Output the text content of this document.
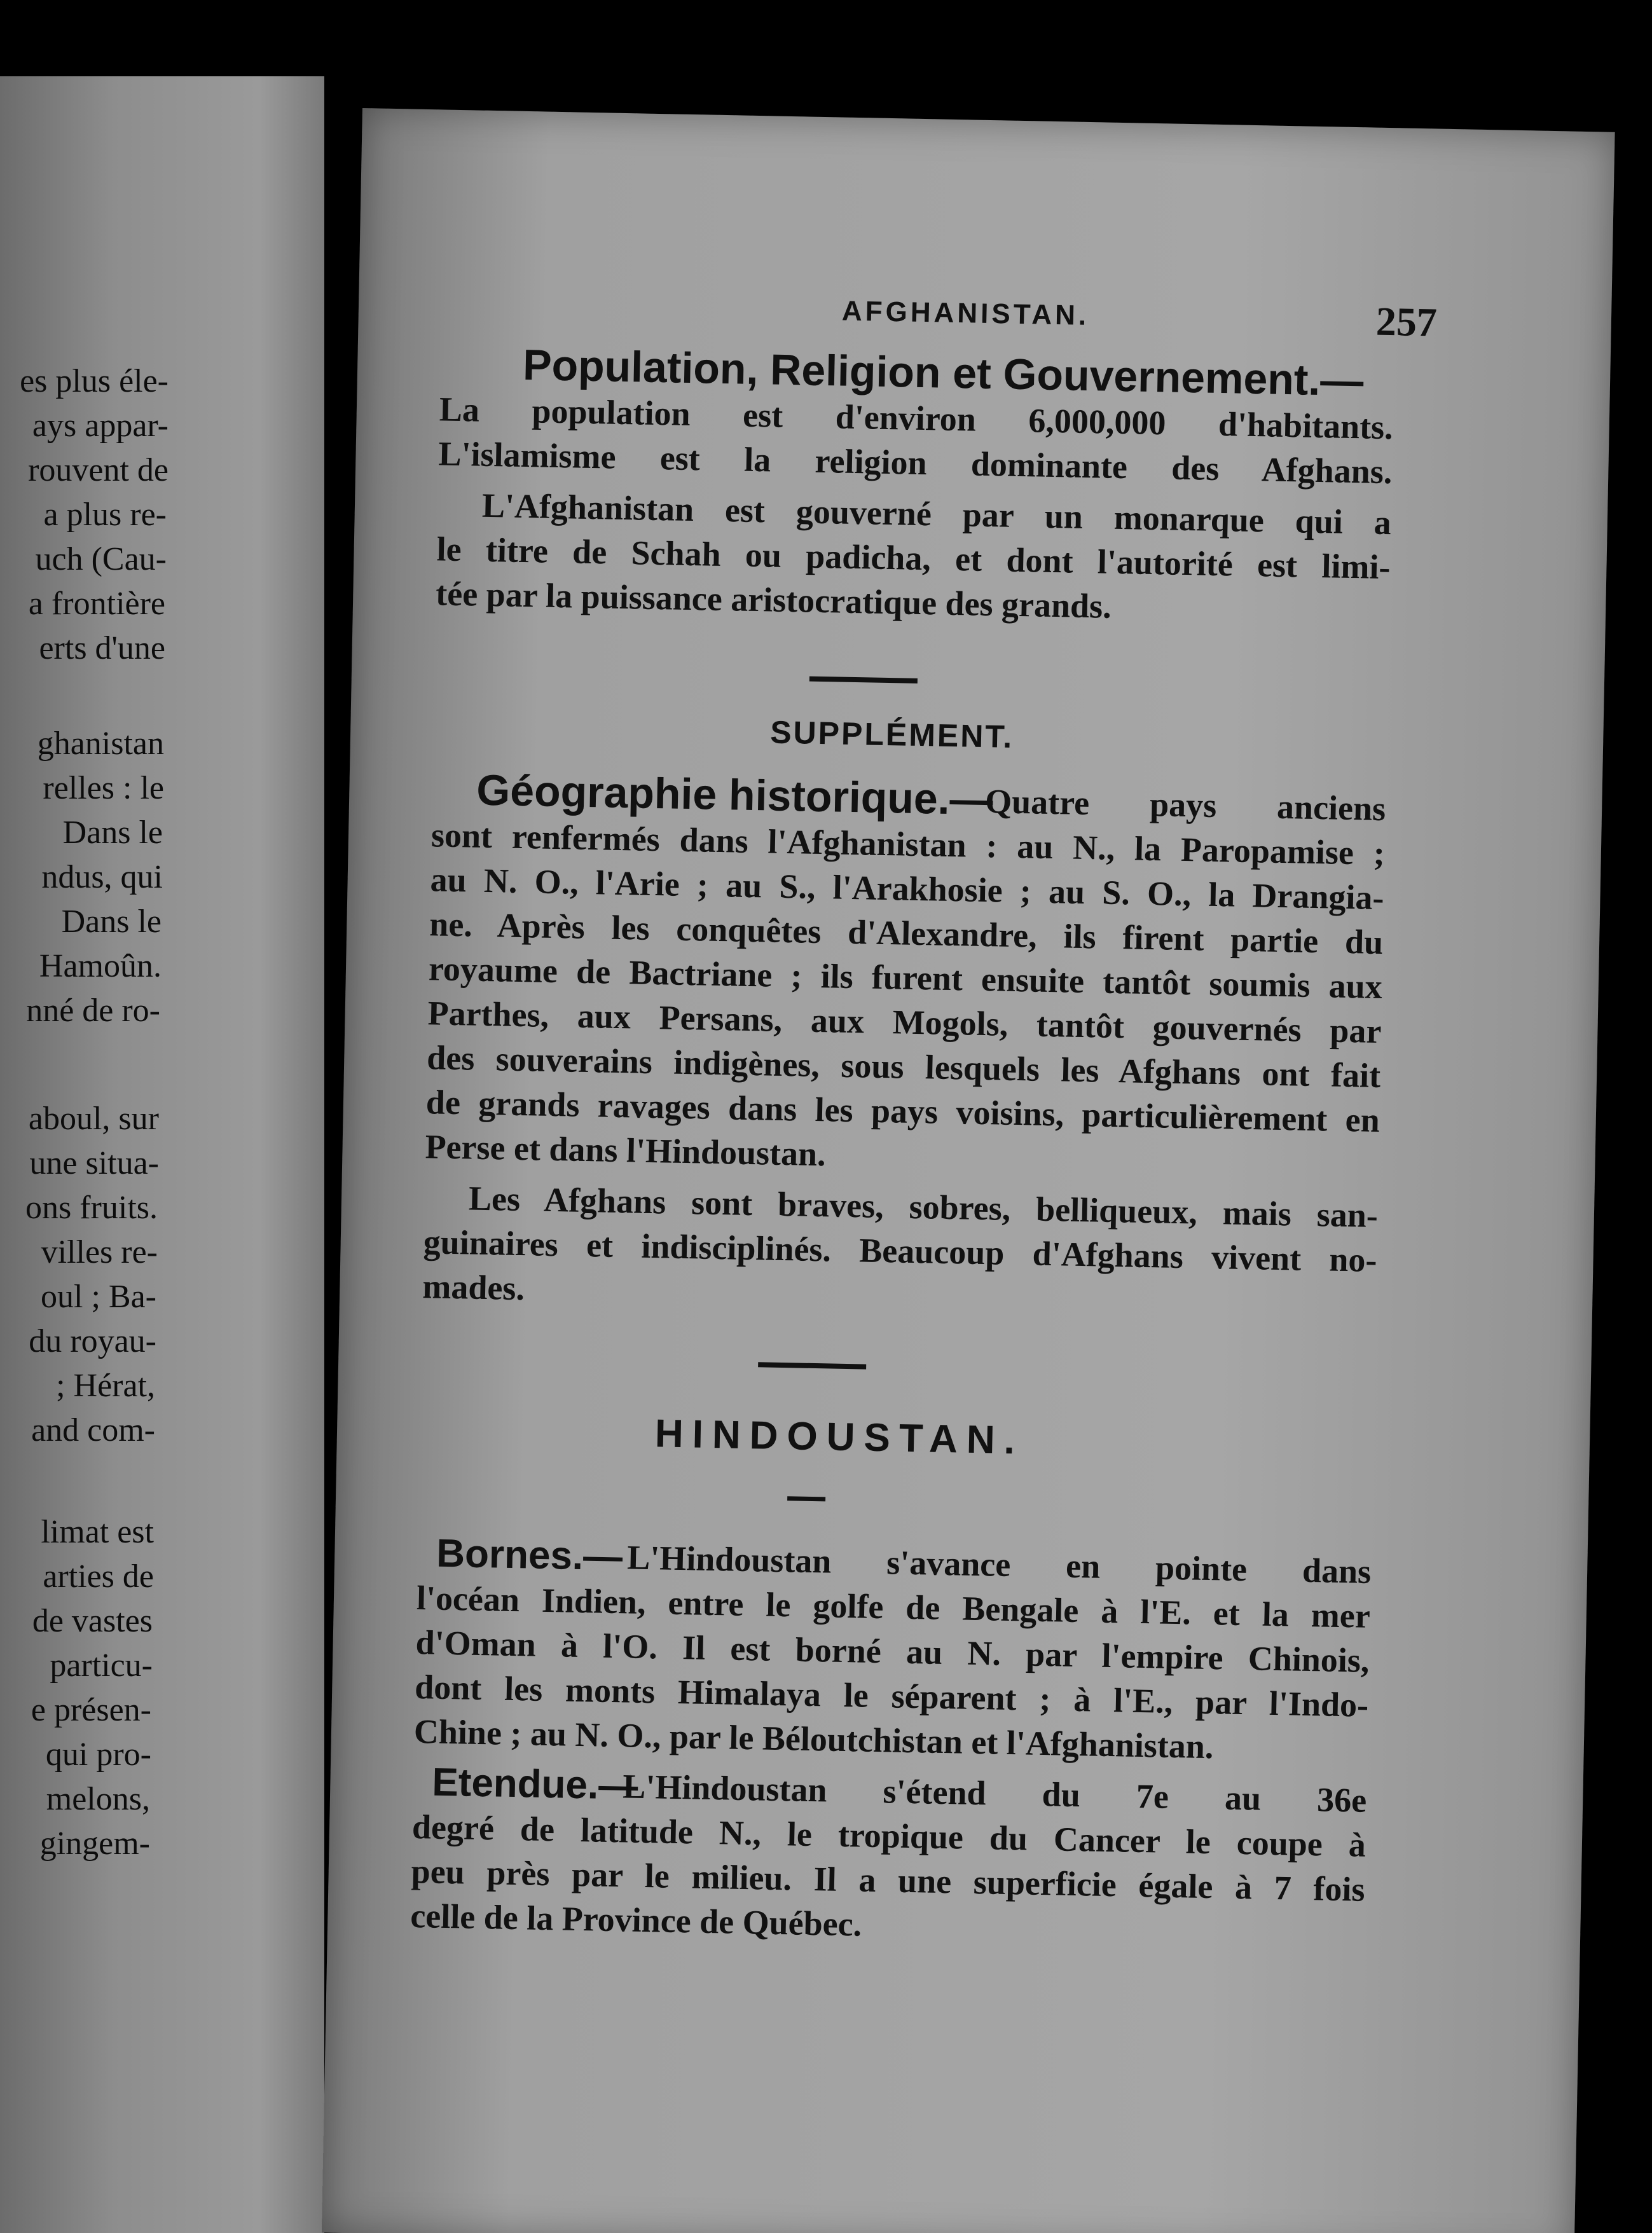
es plus éle-
ays appar-
rouvent de
a plus re-
uch (Cau-
a frontière
erts d'une
ghanistan
relles : le
Dans le
ndus, qui
Dans le
Hamoûn.
nné de ro-
aboul, sur
une situa-
ons fruits.
villes re-
oul ; Ba-
du royau-
; Hérat,
and com-
limat est
arties de
de vastes
particu-
e présen-
qui pro-
melons,
gingem-
AFGHANISTAN.	257
Population, Religion et Gouvernement.—
La population est d'environ 6,000,000 d'habitants.
L'islamisme est la religion dominante des Afghans.
L'Afghanistan est gouverné par un monarque qui a
le titre de Schah ou padicha, et dont l'autorité est limi-
tée par la puissance aristocratique des grands.
SUPPLÉMENT.
Géographie historique.—
Quatre pays anciens
sont renfermés dans l'Afghanistan : au N., la Paropamise ;
au N. O., l'Arie ; au S., l'Arakhosie ; au S. O., la Drangia-
ne. Après les conquêtes d'Alexandre, ils firent partie du
royaume de Bactriane ; ils furent ensuite tantôt soumis aux
Parthes, aux Persans, aux Mogols, tantôt gouvernés par
des souverains indigènes, sous lesquels les Afghans ont fait
de grands ravages dans les pays voisins, particulièrement en
Perse et dans l'Hindoustan.
Les Afghans sont braves, sobres, belliqueux, mais san-
guinaires et indisciplinés. Beaucoup d'Afghans vivent no-
mades.
HINDOUSTAN.
Bornes.— L'Hindoustan s'avance en pointe dans
l'océan Indien, entre le golfe de Bengale à l'E. et la mer
d'Oman à l'O. Il est borné au N. par l'empire Chinois,
dont les monts Himalaya le séparent ; à l'E., par l'Indo-
Chine ; au N. O., par le Béloutchistan et l'Afghanistan.
Etendue.—
L'Hindoustan s'étend du 7e au 36e
degré de latitude N., le tropique du Cancer le coupe à
peu près par le milieu. Il a une superficie égale à 7 fois
celle de la Province de Québec.
